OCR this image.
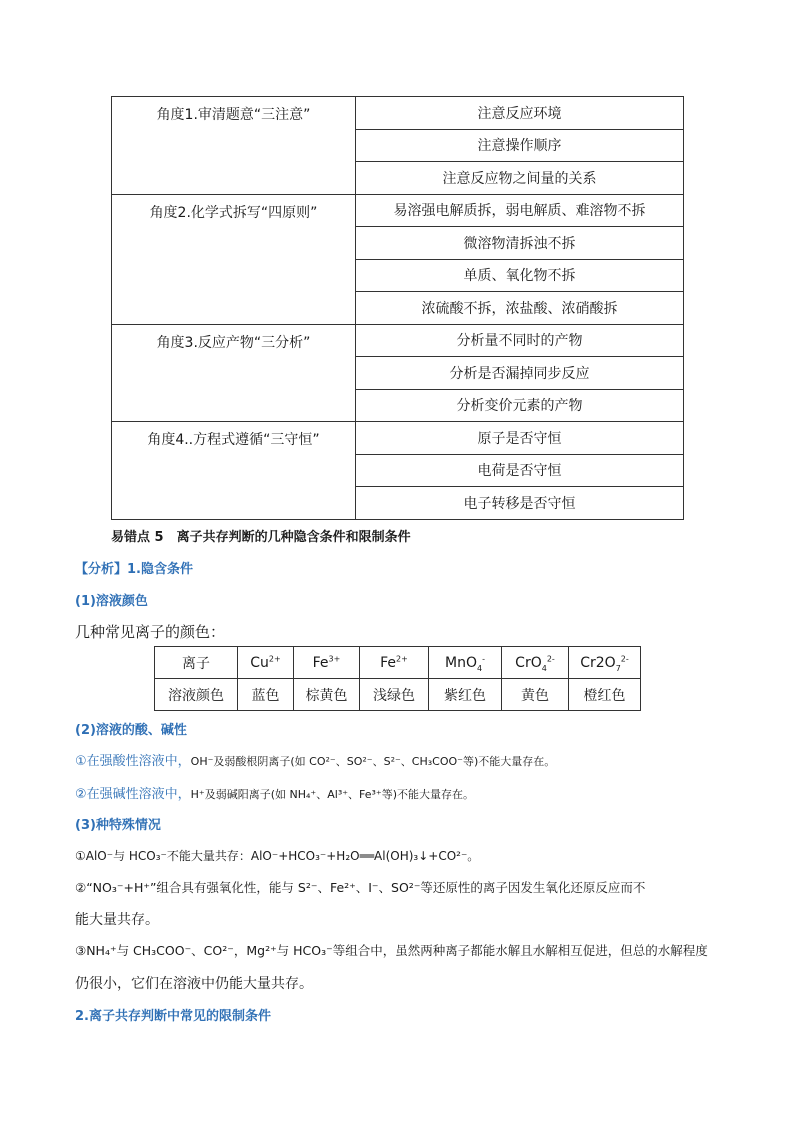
角度1.审清题意“三注意”	注意反应环境
	注意操作顺序
	注意反应物之间量的关系
角度2.化学式拆写“四原则”	易溶强电解质拆，弱电解质、难溶物不拆
	微溶物清拆浊不拆
	单质、氧化物不拆
	浓硫酸不拆，浓盐酸、浓硝酸拆
角度3.反应产物“三分析”	分析量不同时的产物
	分析是否漏掉同步反应
	分析变价元素的产物
角度4..方程式遵循“三守恒”	原子是否守恒
	电荷是否守恒
	电子转移是否守恒
易错点 5　离子共存判断的几种隐含条件和限制条件
【分析】1.隐含条件
(1)溶液颜色
几种常见离子的颜色：
离子	$Cu^{2+}$	$Fe^{3+}$	$Fe^{2+}$	MnO$_4$-	CrO$_4^{2-}$	$Cr2O_7^{2-}$
溶液颜色	蓝色	棕黄色	浅绿色	紫红色	黄色	橙红色
(2)溶液的酸、碱性
①在强酸性溶液中，OH⁻及弱酸根阴离子(如 CO²⁻、SO²⁻、S²⁻、CH₃COO⁻等)不能大量存在。
②在强碱性溶液中，H⁺及弱碱阳离子(如 NH₄⁺、Al³⁺、Fe³⁺等)不能大量存在。
(3)种特殊情况
①AlO⁻与 HCO₃⁻不能大量共存：AlO⁻+HCO₃⁻+H₂O══Al(OH)₃↓+CO²⁻。
②“NO₃⁻+H⁺”组合具有强氧化性，能与 S²⁻、Fe²⁺、I⁻、SO²⁻等还原性的离子因发生氧化还原反应而不
能大量共存。
③NH₄⁺与 CH₃COO⁻、CO²⁻，Mg²⁺与 HCO₃⁻等组合中，虽然两种离子都能水解且水解相互促进，但总的水解程度
仍很小，它们在溶液中仍能大量共存。
2.离子共存判断中常见的限制条件
